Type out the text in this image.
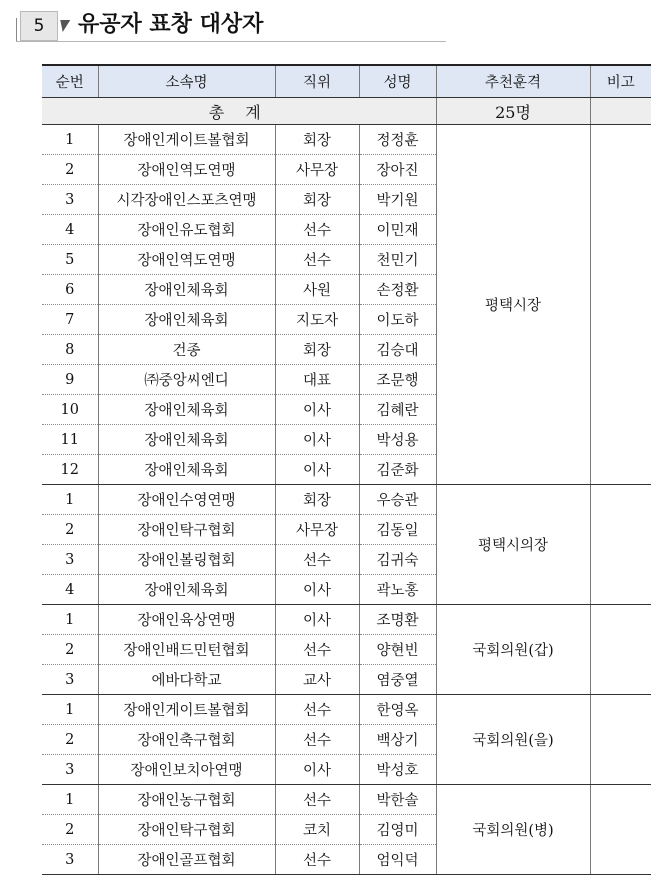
5	유공자 표창 대상자
순번	소속명	직위	성명	추천훈격	비고
총 계				25명	
1	장애인게이트볼협회	회장	정정훈	평택시장	
2	장애인역도연맹	사무장	장아진		
3	시각장애인스포츠연맹	회장	박기원		
4	장애인유도협회	선수	이민재		
5	장애인역도연맹	선수	천민기		
6	장애인체육회	사원	손정환		
7	장애인체육회	지도자	이도하		
8	건종	회장	김승대		
9	㈜중앙씨엔디	대표	조문행		
10	장애인체육회	이사	김혜란		
11	장애인체육회	이사	박성용		
12	장애인체육회	이사	김준화		
1	장애인수영연맹	회장	우승관	평택시의장	
2	장애인탁구협회	사무장	김동일		
3	장애인볼링협회	선수	김귀숙		
4	장애인체육회	이사	곽노홍		
1	장애인육상연맹	이사	조명환	국회의원(갑)	
2	장애인배드민턴협회	선수	양현빈		
3	에바다학교	교사	염중열		
1	장애인게이트볼협회	선수	한영옥	국회의원(을)	
2	장애인축구협회	선수	백상기		
3	장애인보치아연맹	이사	박성호		
1	장애인농구협회	선수	박한솔	국회의원(병)	
2	장애인탁구협회	코치	김영미		
3	장애인골프협회	선수	엄익덕		
